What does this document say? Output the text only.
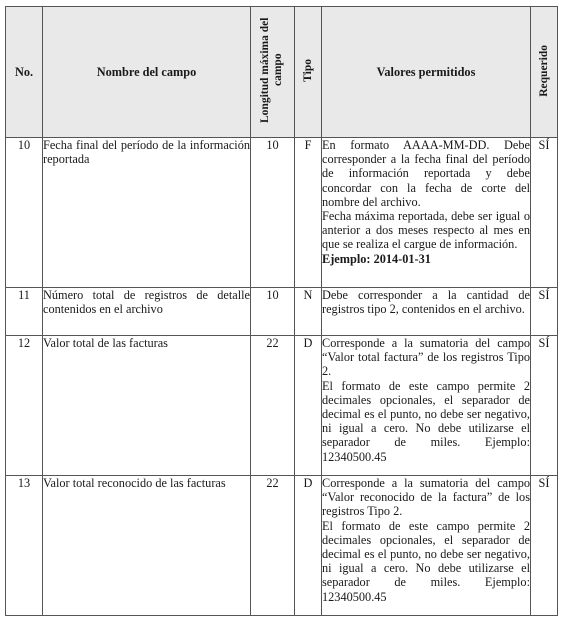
No.	Nombre del campo	Longitud máxima del campo	Tipo	Valores permitidos	Requerido
10	Fecha final del período de la información reportada	10	F	En formato AAAA-MM-DD. Debe corresponder a la fecha final del período de información reportada y debe concordar con la fecha de corte del nombre del archivo.
Fecha máxima reportada, debe ser igual o anterior a dos meses respecto al mes en que se realiza el cargue de información.
Ejemplo: 2014-01-31	SÍ
11	Número total de registros de detalle contenidos en el archivo	10	N	Debe corresponder a la cantidad de registros tipo 2, contenidos en el archivo.	SÍ
12	Valor total de las facturas	22	D	Corresponde a la sumatoria del campo “Valor total factura” de los registros Tipo 2.
El formato de este campo permite 2 decimales opcionales, el separador de decimal es el punto, no debe ser negativo, ni igual a cero. No debe utilizarse el separador de miles. Ejemplo: 12340500.45	SÍ
13	Valor total reconocido de las facturas	22	D	Corresponde a la sumatoria del campo “Valor reconocido de la factura” de los registros Tipo 2.
El formato de este campo permite 2 decimales opcionales, el separador de decimal es el punto, no debe ser negativo, ni igual a cero. No debe utilizarse el separador de miles. Ejemplo: 12340500.45	SÍ
